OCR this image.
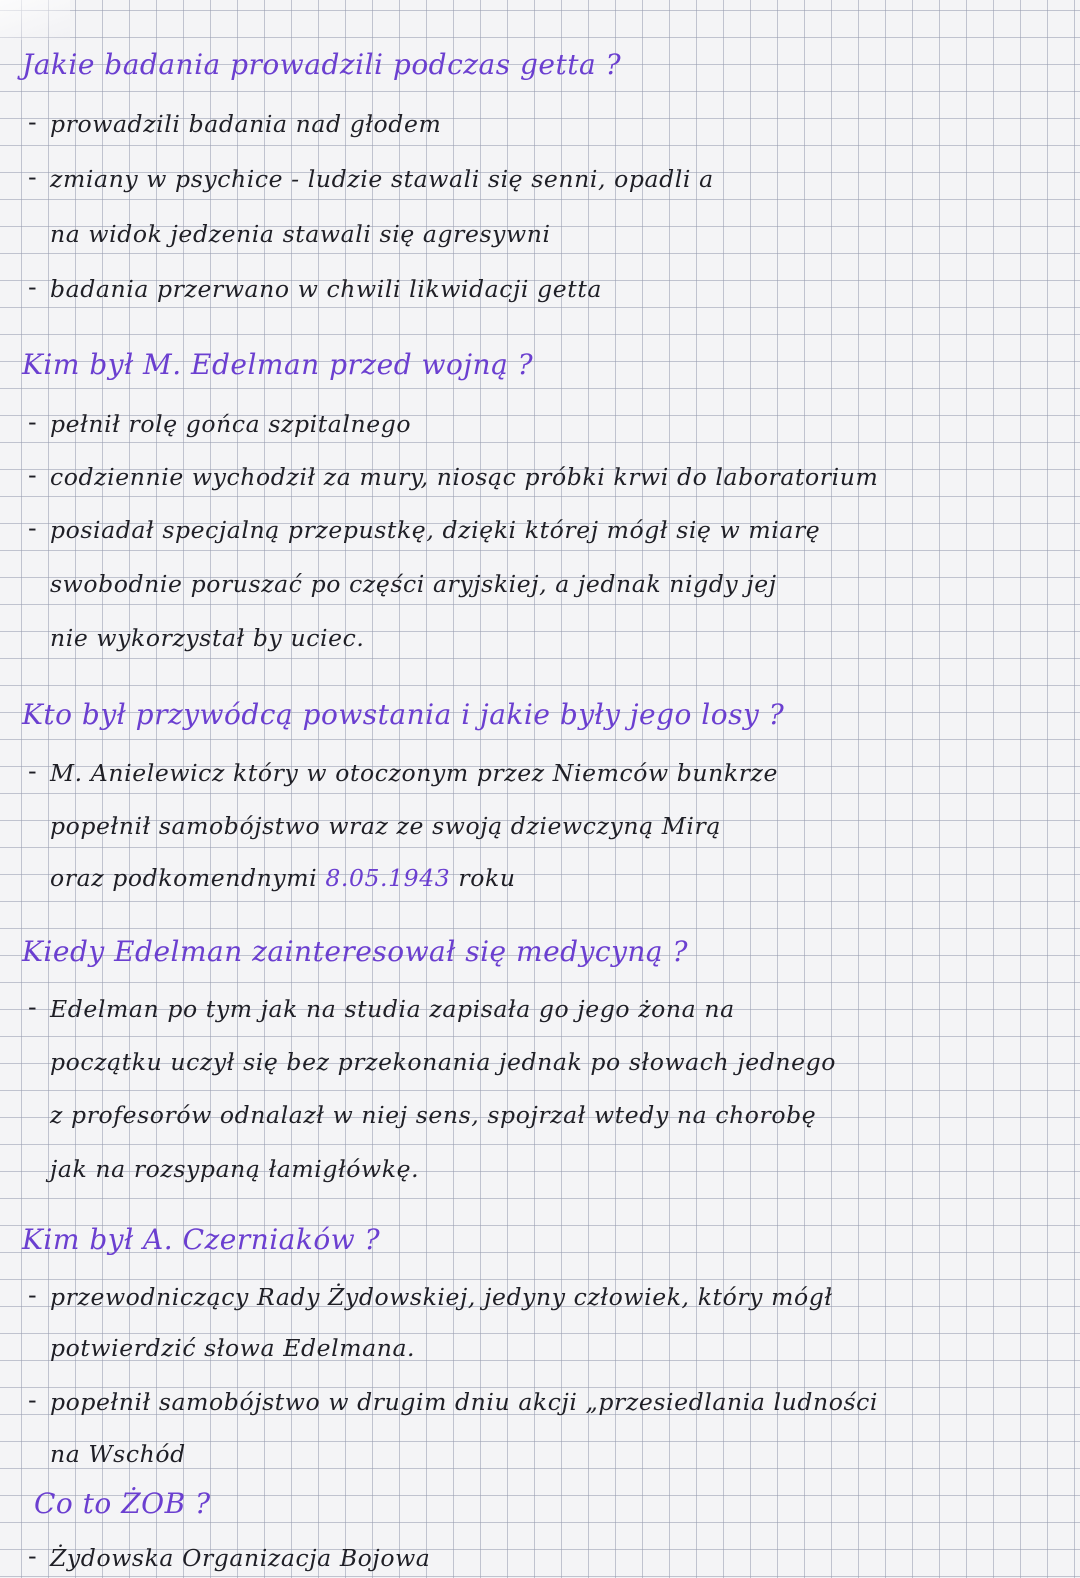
Jakie badania prowadzili podczas getta ?
- prowadzili badania nad głodem
- zmiany w psychice - ludzie stawali się senni, opadli a
na widok jedzenia stawali się agresywni
- badania przerwano w chwili likwidacji getta
Kim był M. Edelman przed wojną ?
- pełnił rolę gońca szpitalnego
- codziennie wychodził za mury, niosąc próbki krwi do laboratorium
- posiadał specjalną przepustkę, dzięki której mógł się w miarę
swobodnie poruszać po części aryjskiej, a jednak nigdy jej
nie wykorzystał by uciec.
Kto był przywódcą powstania i jakie były jego losy ?
- M. Anielewicz który w otoczonym przez Niemców bunkrze
popełnił samobójstwo wraz ze swoją dziewczyną Mirą
oraz podkomendnymi 8.05.1943 roku
Kiedy Edelman zainteresował się medycyną ?
- Edelman po tym jak na studia zapisała go jego żona na
początku uczył się bez przekonania jednak po słowach jednego
z profesorów odnalazł w niej sens, spojrzał wtedy na chorobę
jak na rozsypaną łamigłówkę.
Kim był A. Czerniaków ?
- przewodniczący Rady Żydowskiej, jedyny człowiek, który mógł
potwierdzić słowa Edelmana.
- popełnił samobójstwo w drugim dniu akcji „przesiedlania ludności
na Wschód
Co to ŻOB ?
- Żydowska Organizacja Bojowa
